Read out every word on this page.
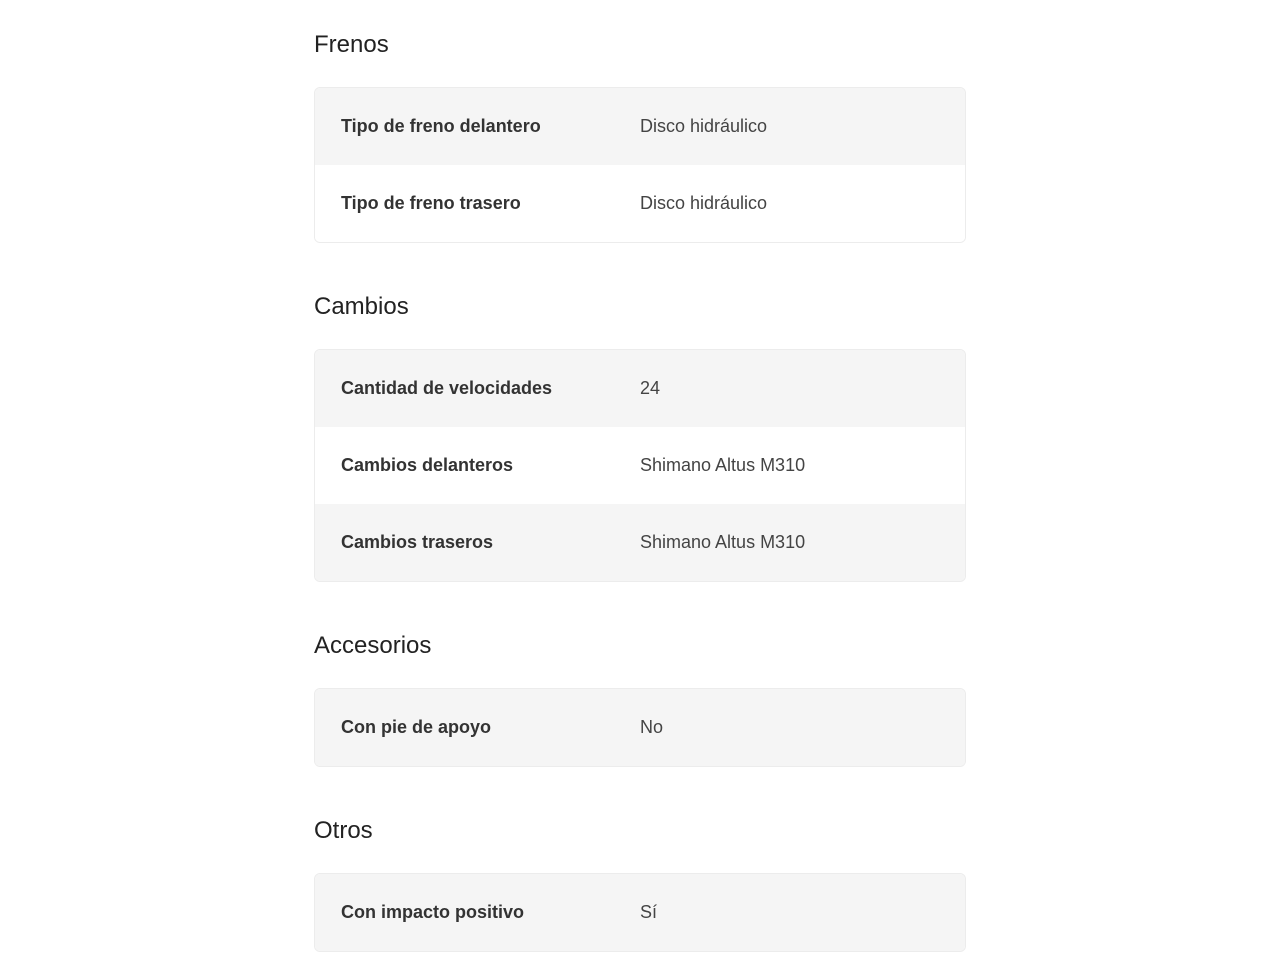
Frenos
Tipo de freno delantero	Disco hidráulico
Tipo de freno trasero	Disco hidráulico
Cambios
Cantidad de velocidades	24
Cambios delanteros	Shimano Altus M310
Cambios traseros	Shimano Altus M310
Accesorios
Con pie de apoyo	No
Otros
Con impacto positivo	Sí
